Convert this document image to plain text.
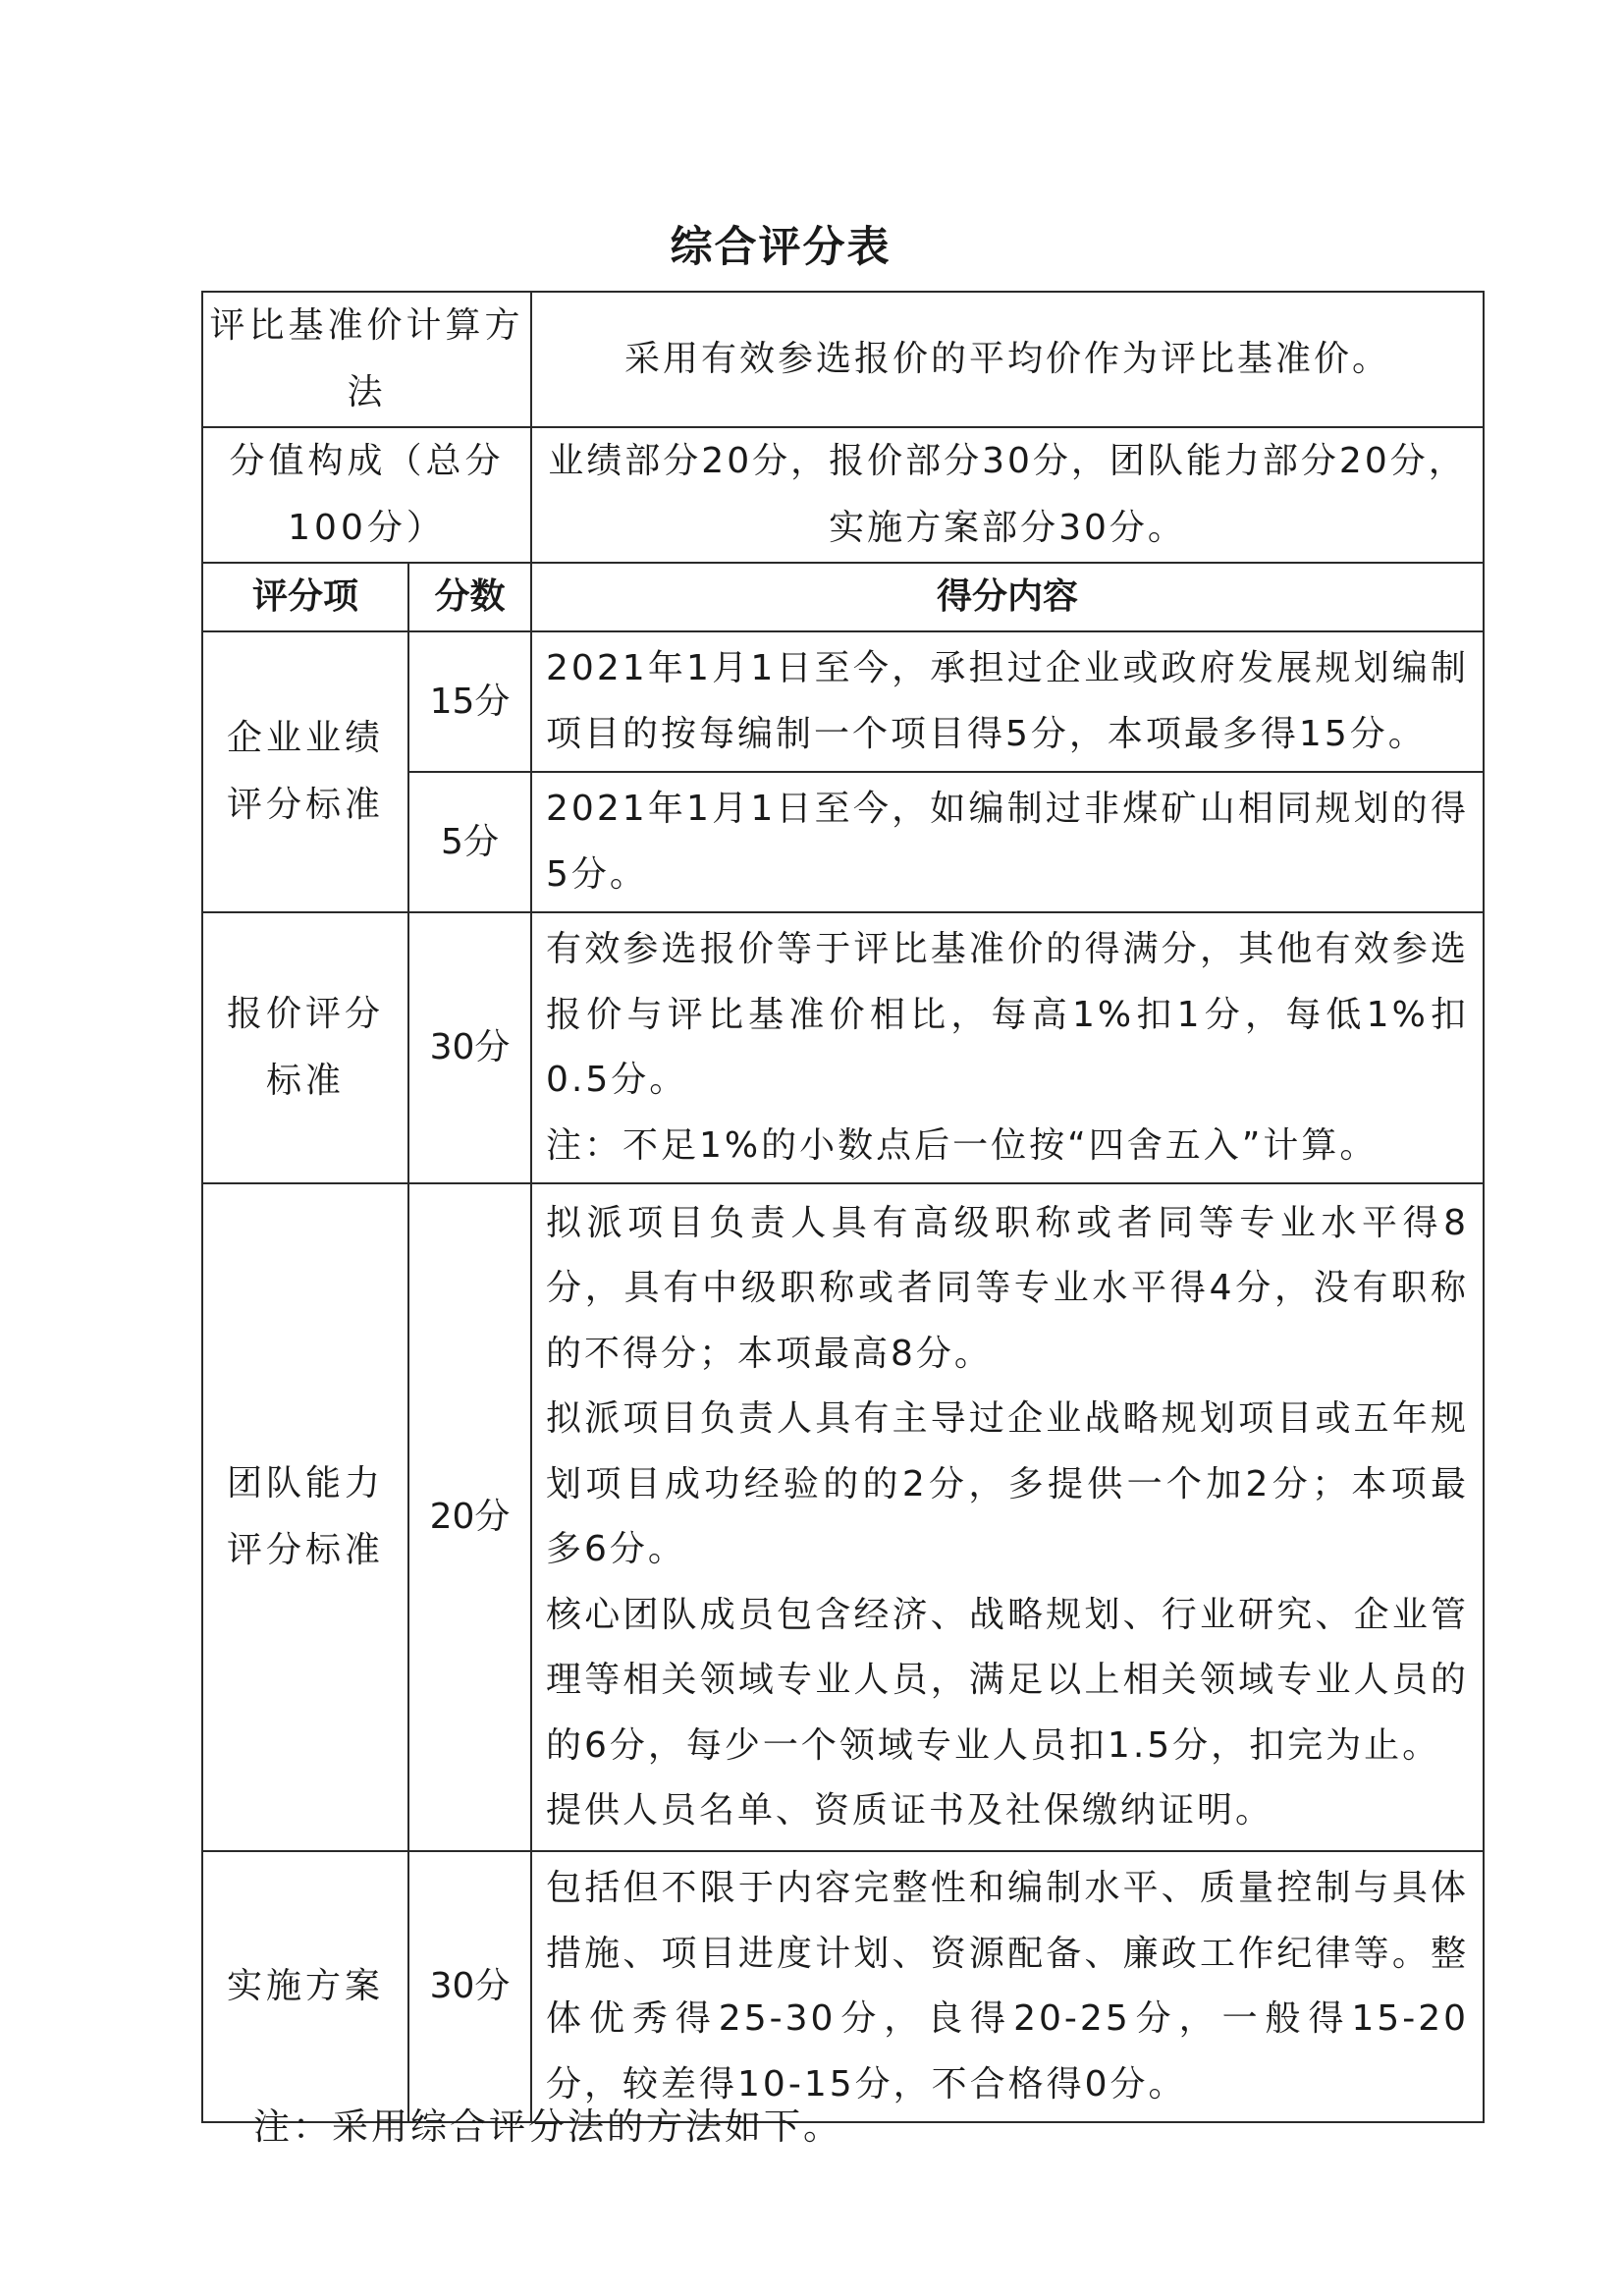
综合评分表
评比基准价计算方法		采用有效参选报价的平均价作为评比基准价。
分值构成（总分100分）		业绩部分20分，报价部分30分，团队能力部分20分，实施方案部分30分。
评分项	分数	得分内容
企业业绩评分标准	15分	2021年1月1日至今，承担过企业或政府发展规划编制项目的按每编制一个项目得5分，本项最多得15分。
	5分	2021年1月1日至今，如编制过非煤矿山相同规划的得5分。
报价评分标准	30分	有效参选报价等于评比基准价的得满分，其他有效参选报价与评比基准价相比，每高1%扣1分，每低1%扣0.5分。

注：不足1%的小数点后一位按“四舍五入”计算。

团队能力评分标准	20分	拟派项目负责人具有高级职称或者同等专业水平得8分，具有中级职称或者同等专业水平得4分，没有职称的不得分；本项最高8分。

拟派项目负责人具有主导过企业战略规划项目或五年规划项目成功经验的的2分，多提供一个加2分；本项最多6分。

核心团队成员包含经济、战略规划、行业研究、企业管理等相关领域专业人员，满足以上相关领域专业人员的的6分，每少一个领域专业人员扣1.5分，扣完为止。

提供人员名单、资质证书及社保缴纳证明。

实施方案	30分	包括但不限于内容完整性和编制水平、质量控制与具体措施、项目进度计划、资源配备、廉政工作纪律等。整体优秀得25-30分，良得20-25分，一般得15-20分，较差得10-15分，不合格得0分。
注：采用综合评分法的方法如下。
